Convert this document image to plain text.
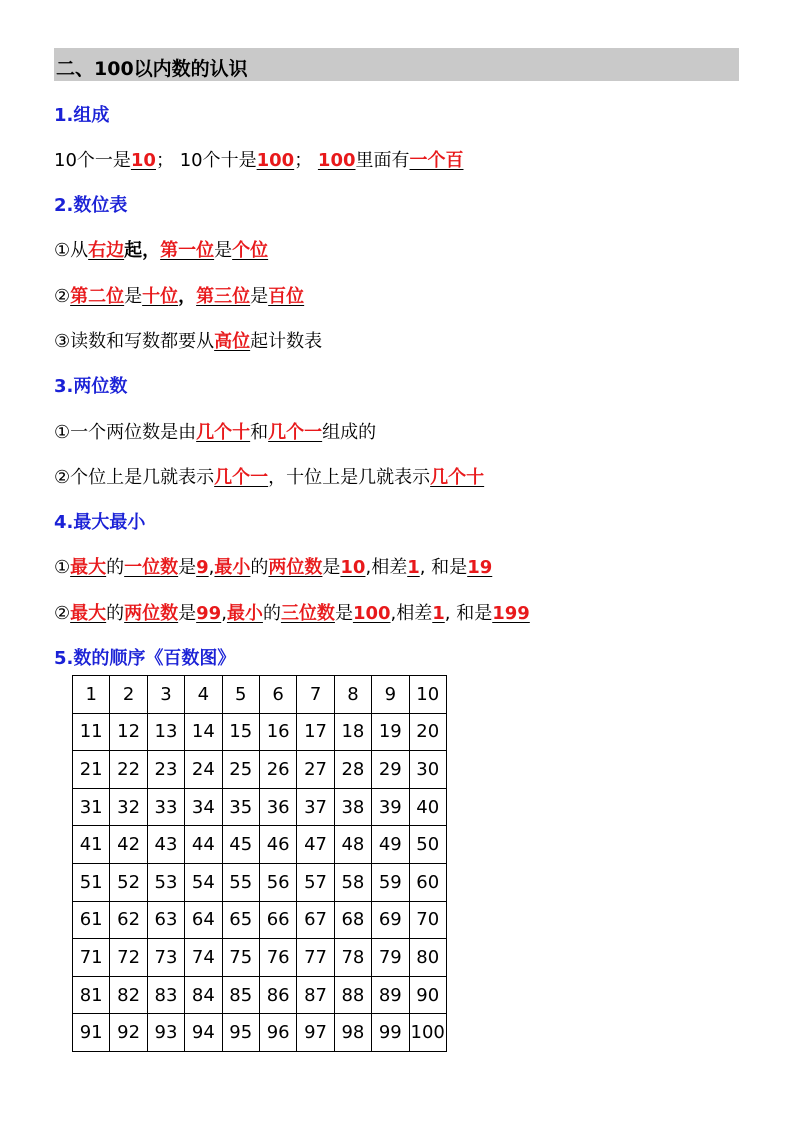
二、100以内数的认识
1.组成
10个一是10； 10个十是100； 100里面有一个百
2.数位表
①从右边起，第一位是个位
②第二位是十位，第三位是百位
③读数和写数都要从高位起计数表
3.两位数
①一个两位数是由几个十和几个一组成的
②个位上是几就表示几个一，十位上是几就表示几个十
4.最大最小
①最大的一位数是9,最小的两位数是10,相差1, 和是19
②最大的两位数是99,最小的三位数是100,相差1, 和是199
5.数的顺序《百数图》
1	2	3	4	5	6	7	8	9	10
11	12	13	14	15	16	17	18	19	20
21	22	23	24	25	26	27	28	29	30
31	32	33	34	35	36	37	38	39	40
41	42	43	44	45	46	47	48	49	50
51	52	53	54	55	56	57	58	59	60
61	62	63	64	65	66	67	68	69	70
71	72	73	74	75	76	77	78	79	80
81	82	83	84	85	86	87	88	89	90
91	92	93	94	95	96	97	98	99	100
